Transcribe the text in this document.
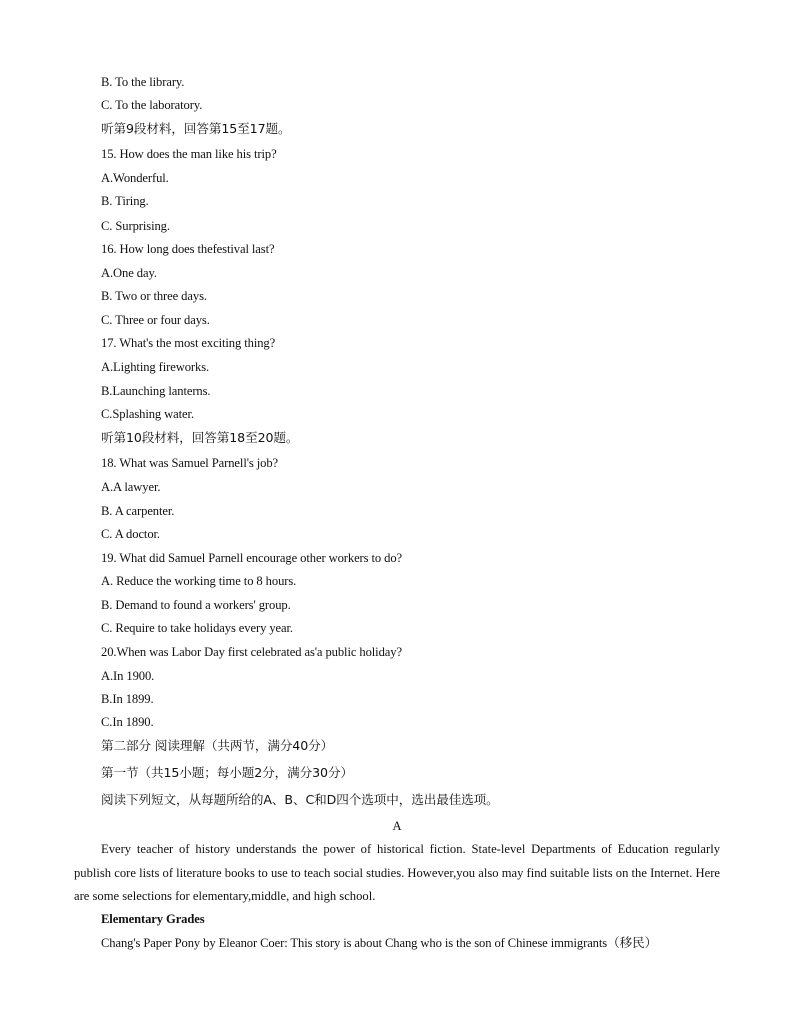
B. To the library.
C. To the laboratory.
听第9段材料，回答第15至17题。
15. How does the man like his trip?
A.Wonderful.
B. Tiring.
C. Surprising.
16. How long does thefestival last?
A.One day.
B. Two or three days.
C. Three or four days.
17. What's the most exciting thing?
A.Lighting fireworks.
B.Launching lanterns.
C.Splashing water.
听第10段材料，回答第18至20题。
18. What was Samuel Parnell's job?
A.A lawyer.
B. A carpenter.
C. A doctor.
19. What did Samuel Parnell encourage other workers to do?
A. Reduce the working time to 8 hours.
B. Demand to found a workers' group.
C. Require to take holidays every year.
20.When was Labor Day first celebrated as'a public holiday?
A.In 1900.
B.In 1899.
C.In 1890.
第二部分 阅读理解（共两节，满分40分）
第一节（共15小题；每小题2分，满分30分）
阅读下列短文，从每题所给的A、B、C和D四个选项中，选出最佳选项。
A
Every teacher of history understands the power of historical fiction. State-level Departments of Education regularly publish core lists of literature books to use to teach social studies. However,you also may find suitable lists on the Internet. Here are some selections for elementary,middle, and high school.
Elementary Grades
Chang's Paper Pony by Eleanor Coer: This story is about Chang who is the son of Chinese immigrants（移民）
